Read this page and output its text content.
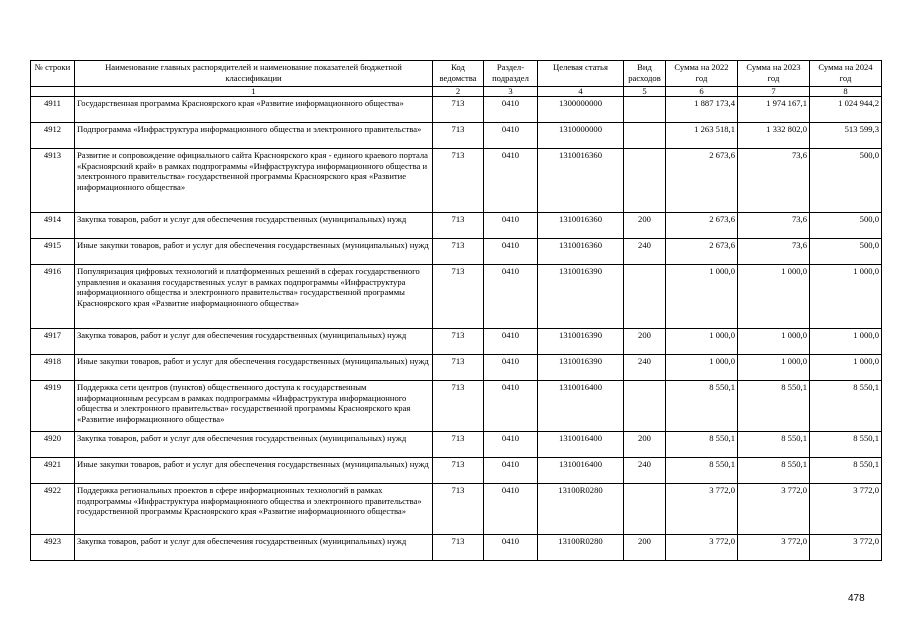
№ строки	Наименование главных распорядителей и наименование показателей бюджетной классификации	Код ведомства	Раздел-подраздел	Целевая статья	Вид расходов	Сумма на 2022 год	Сумма на 2023 год	Сумма на 2024 год
	1	2	3	4	5	6	7	8
4911	Государственная программа Красноярского края «Развитие информационного общества»	713	0410	1300000000		1 887 173,4	1 974 167,1	1 024 944,2
4912	Подпрограмма «Инфраструктура информационного общества и электронного правительства»	713	0410	1310000000		1 263 518,1	1 332 802,0	513 599,3
4913	Развитие и сопровождение официального сайта Красноярского края - единого краевого портала «Красноярский край» в рамках подпрограммы «Инфраструктура информационного общества и электронного правительства» государственной программы Красноярского края «Развитие информационного общества»	713	0410	1310016360		2 673,6	73,6	500,0
4914	Закупка товаров, работ и услуг для обеспечения государственных (муниципальных) нужд	713	0410	1310016360	200	2 673,6	73,6	500,0
4915	Иные закупки товаров, работ и услуг для обеспечения государственных (муниципальных) нужд	713	0410	1310016360	240	2 673,6	73,6	500,0
4916	Популяризация цифровых технологий и платформенных решений в сферах государственного управления и оказания государственных услуг в рамках подпрограммы «Инфраструктура информационного общества и электронного правительства» государственной программы Красноярского края «Развитие информационного общества»	713	0410	1310016390		1 000,0	1 000,0	1 000,0
4917	Закупка товаров, работ и услуг для обеспечения государственных (муниципальных) нужд	713	0410	1310016390	200	1 000,0	1 000,0	1 000,0
4918	Иные закупки товаров, работ и услуг для обеспечения государственных (муниципальных) нужд	713	0410	1310016390	240	1 000,0	1 000,0	1 000,0
4919	Поддержка сети центров (пунктов) общественного доступа к государственным информационным ресурсам в рамках подпрограммы «Инфраструктура информационного общества и электронного правительства» государственной программы Красноярского края «Развитие информационного общества»	713	0410	1310016400		8 550,1	8 550,1	8 550,1
4920	Закупка товаров, работ и услуг для обеспечения государственных (муниципальных) нужд	713	0410	1310016400	200	8 550,1	8 550,1	8 550,1
4921	Иные закупки товаров, работ и услуг для обеспечения государственных (муниципальных) нужд	713	0410	1310016400	240	8 550,1	8 550,1	8 550,1
4922	Поддержка региональных проектов в сфере информационных технологий в рамках подпрограммы «Инфраструктура информационного общества и электронного правительства» государственной программы Красноярского края «Развитие информационного общества»	713	0410	13100R0280		3 772,0	3 772,0	3 772,0
4923	Закупка товаров, работ и услуг для обеспечения государственных (муниципальных) нужд	713	0410	13100R0280	200	3 772,0	3 772,0	3 772,0
478
